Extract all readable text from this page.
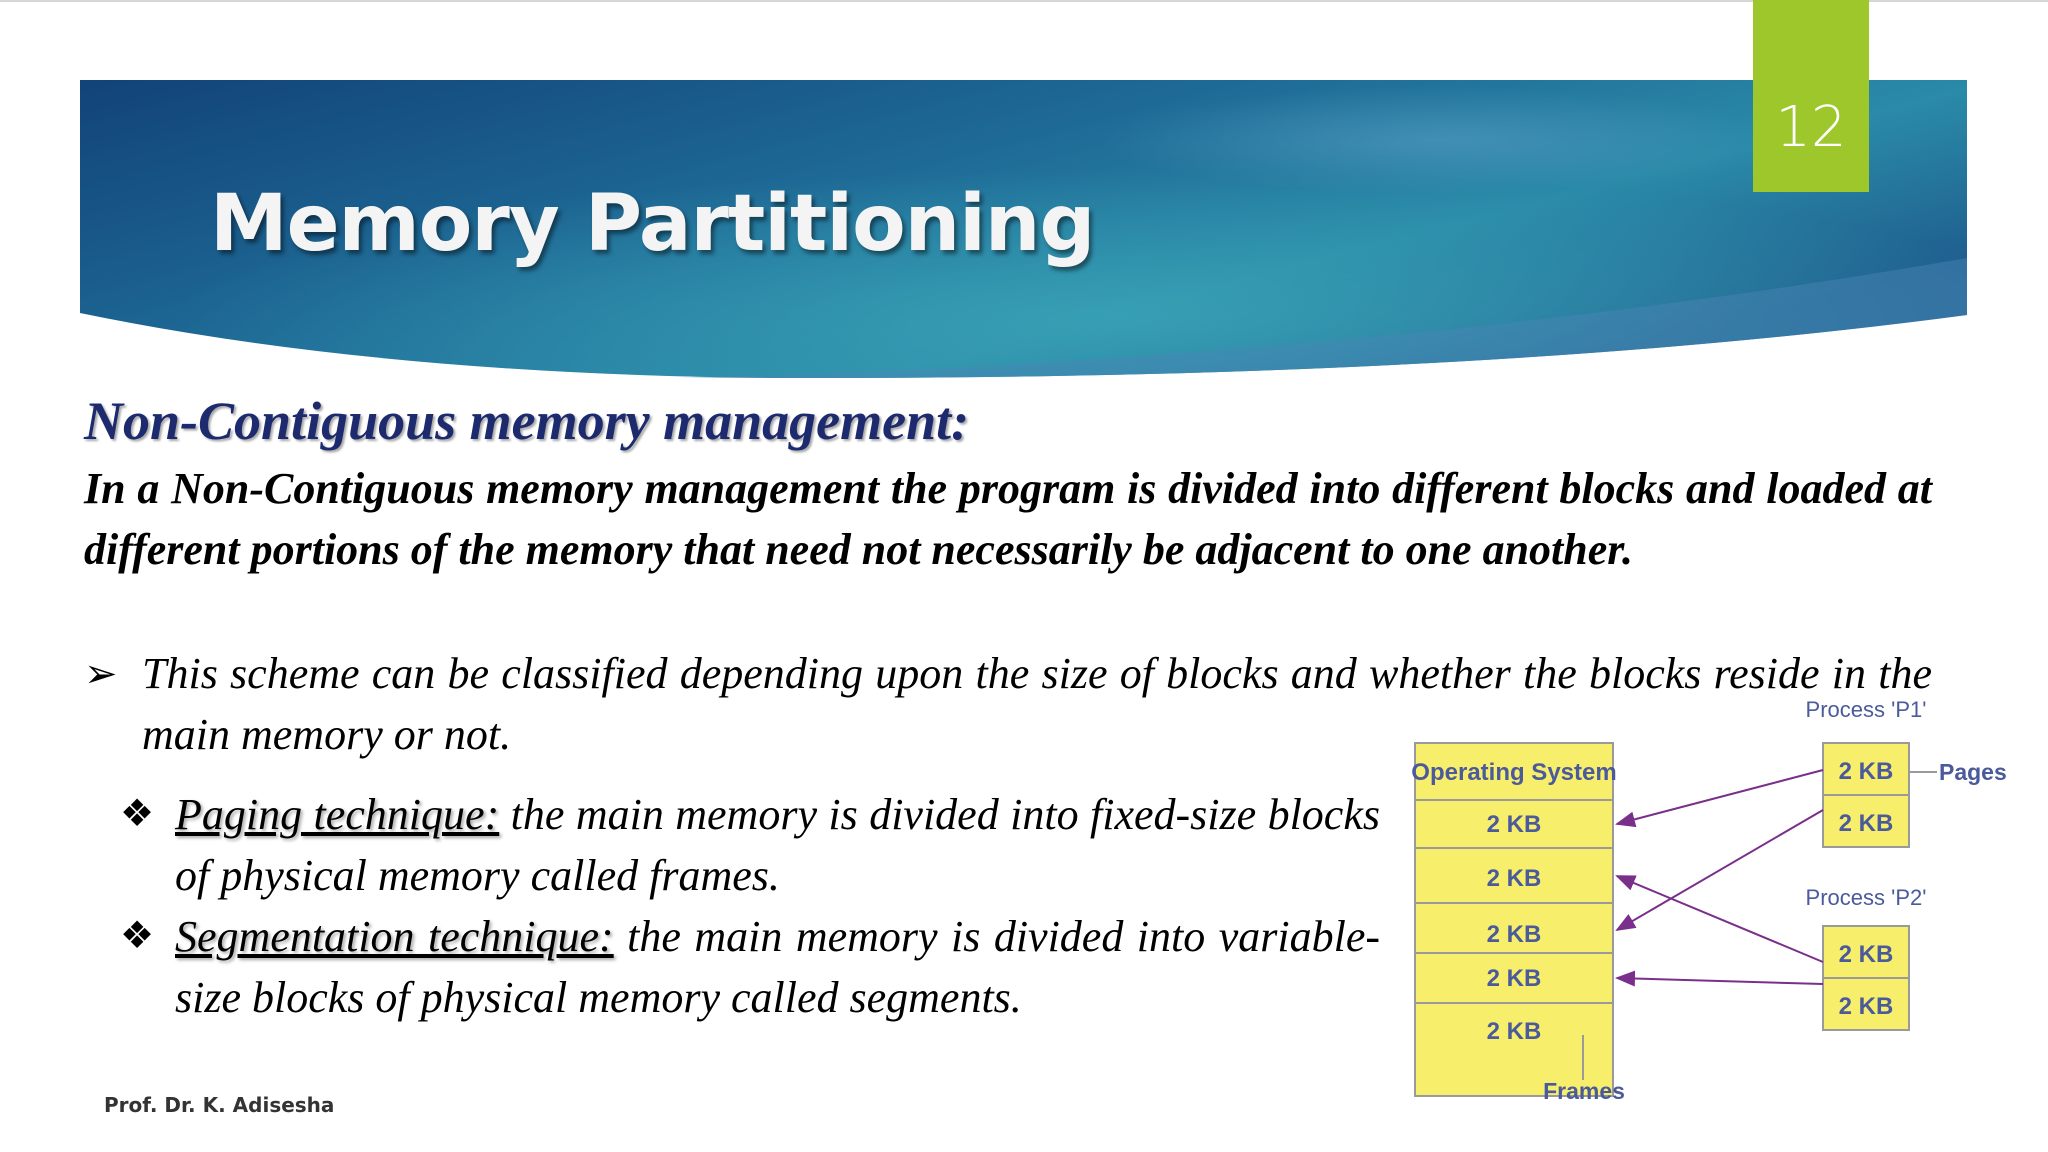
12
Memory Partitioning
Non-Contiguous memory management:
In a Non-Contiguous memory management the program is divided into different blocks and loaded at different portions of the memory that need not necessarily be adjacent to one another.
➢ This scheme can be classified depending upon the size of blocks and whether the blocks reside in the main memory or not.
❖ Paging technique: the main memory is divided into fixed-size blocks of physical memory called frames.
❖ Segmentation technique: the main memory is divided into variable-size blocks of physical memory called segments.
Operating System
2 KB
2 KB
2 KB
2 KB
2 KB
Frames
Process 'P1'
2 KB
2 KB
Pages
Process 'P2'
2 KB
2 KB
Prof. Dr. K. Adisesha
